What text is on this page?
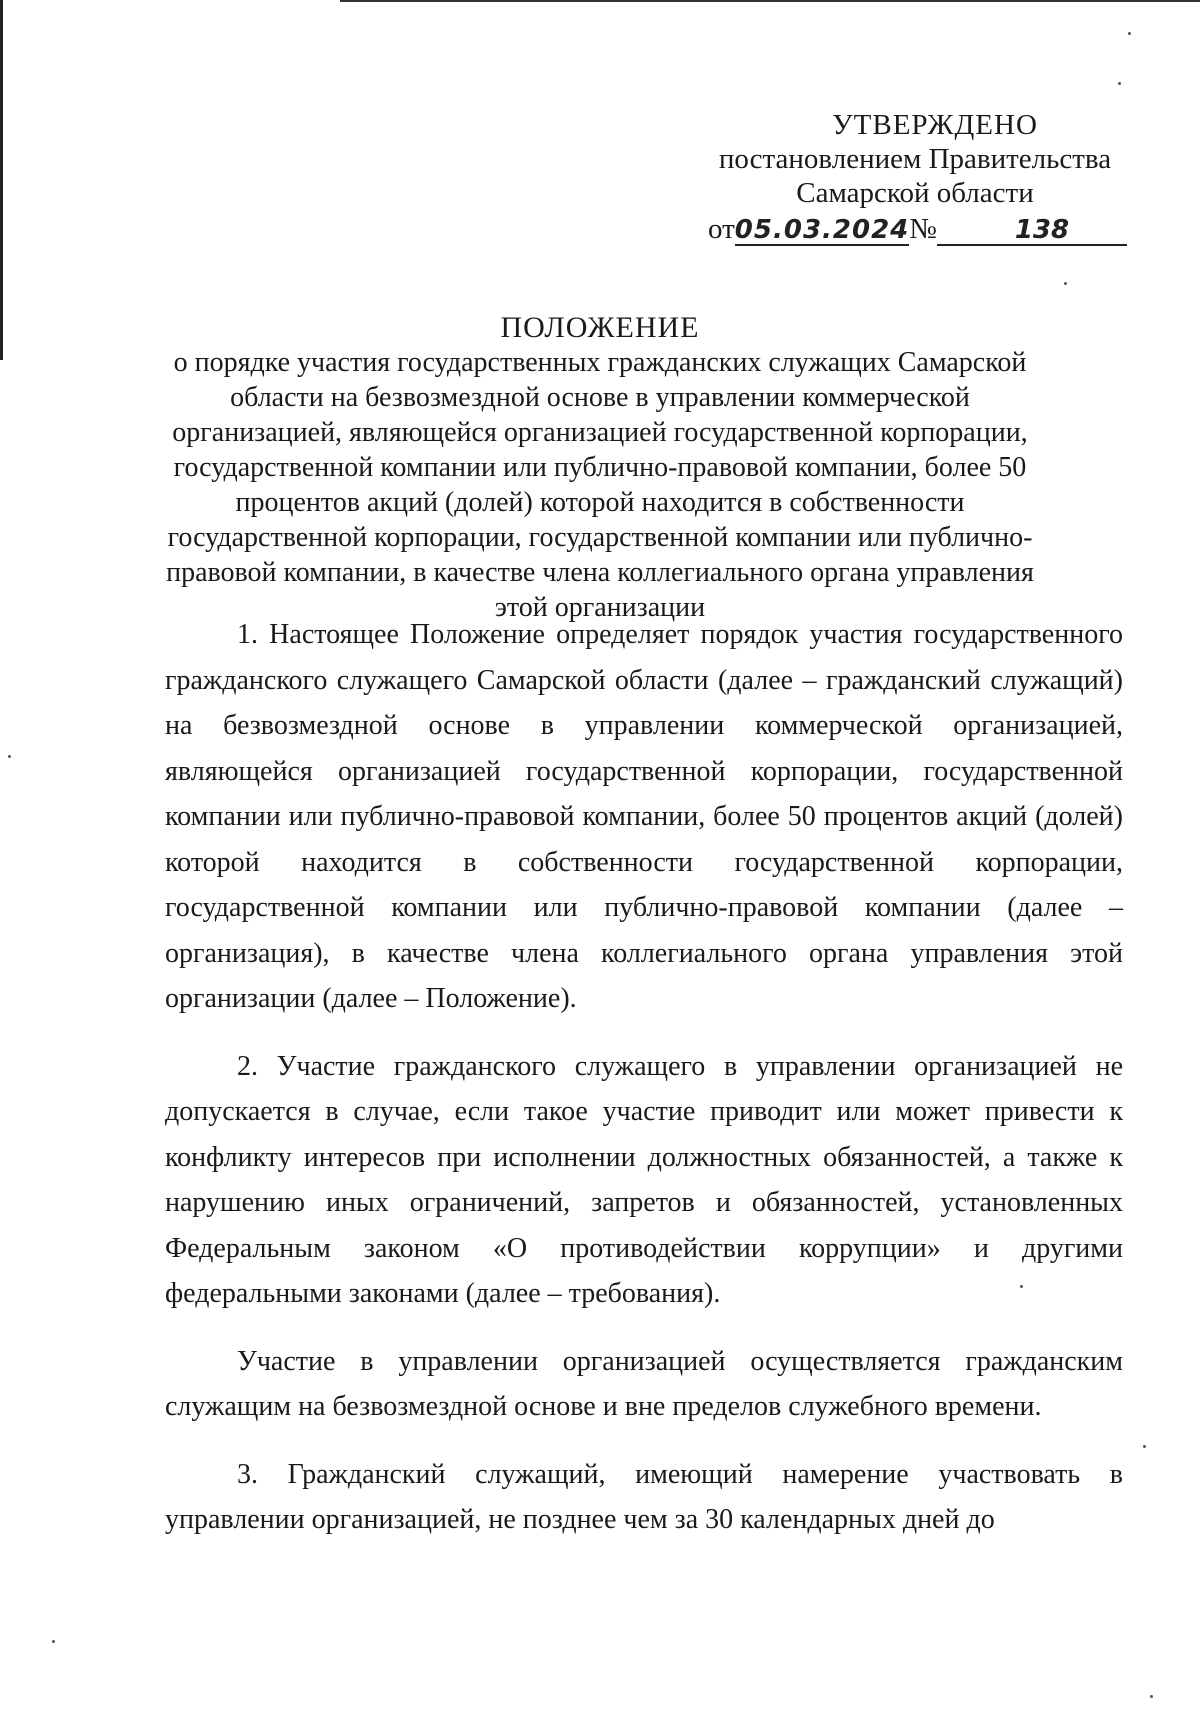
УТВЕРЖДЕНО
постановлением Правительства
Самарской области
от05.03.2024№	138
ПОЛОЖЕНИЕ
о порядке участия государственных гражданских служащих Самарской области на безвозмездной основе в управлении коммерческой организацией, являющейся организацией государственной корпорации, государственной компании или публично-правовой компании, более 50 процентов акций (долей) которой находится в собственности государственной корпорации, государственной компании или публично-правовой компании, в качестве члена коллегиального органа управления этой организации

1. Настоящее Положение определяет порядок участия государственного гражданского служащего Самарской области (далее – гражданский служащий) на безвозмездной основе в управлении коммерческой организацией, являющейся организацией государственной корпорации, государственной компании или публично-правовой компании, более 50 процентов акций (долей) которой находится в собственности государственной корпорации, государственной компании или публично-правовой компании (далее – организация), в качестве члена коллегиального органа управления этой организации (далее – Положение).

2. Участие гражданского служащего в управлении организацией не допускается в случае, если такое участие приводит или может привести к конфликту интересов при исполнении должностных обязанностей, а также к нарушению иных ограничений, запретов и обязанностей, установленных Федеральным законом «О противодействии коррупции» и другими федеральными законами (далее – требования).

Участие в управлении организацией осуществляется гражданским служащим на безвозмездной основе и вне пределов служебного времени.

3. Гражданский служащий, имеющий намерение участвовать в управлении организацией, не позднее чем за 30 календарных дней до
